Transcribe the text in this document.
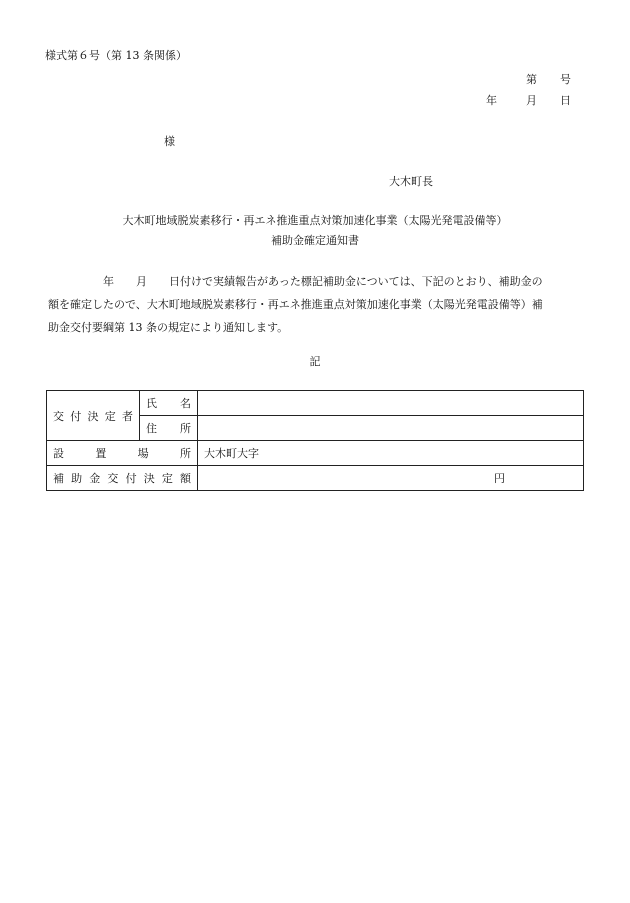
様式第６号（第 13 条関係）
第 号
年	月 日
様
大木町長
大木町地域脱炭素移行・再エネ推進重点対策加速化事業（太陽光発電設備等）
補助金確定通知書
　　　　　年　　月　　日付けで実績報告があった標記補助金については、下記のとおり、補助金の
額を確定したので、大木町地域脱炭素移行・再エネ推進重点対策加速化事業（太陽光発電設備等）補
助金交付要綱第 13 条の規定により通知します。
記
交付決定者	氏名	
	住所	
設置場所		大木町大字
補助金交付決定額		円
